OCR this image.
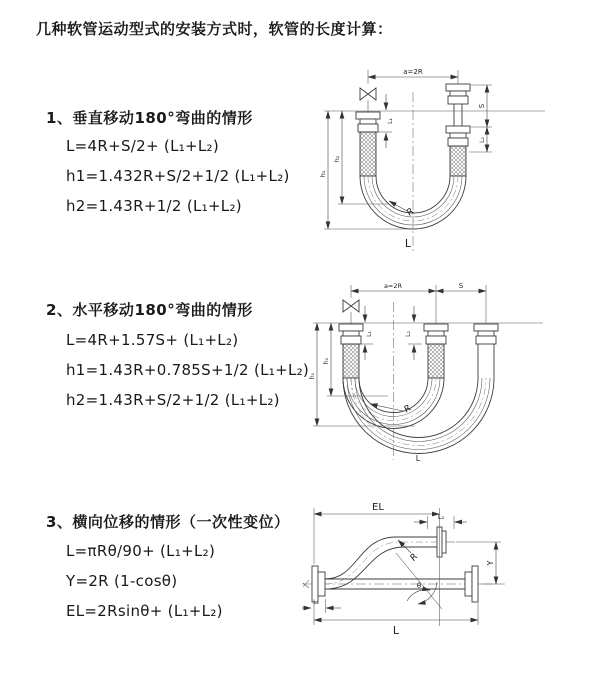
几种软管运动型式的安装方式时，软管的长度计算：
1、垂直移动180°弯曲的情形
L=4R+S/2+ (L₁+L₂)
h1=1.432R+S/2+1/2 (L₁+L₂)
h2=1.43R+1/2 (L₁+L₂)
2、水平移动180°弯曲的情形
L=4R+1.57S+ (L₁+L₂)
h1=1.43R+0.785S+1/2 (L₁+L₂)
h2=1.43R+S/2+1/2 (L₁+L₂)
3、横向位移的情形（一次性变位）
L=πRθ/90+ (L₁+L₂)
Y=2R (1-cosθ)
EL=2Rsinθ+ (L₁+L₂)
a=2R
L₁
S
L₂
h₂
h₁
R
L
a=2R	S
L₁	L₂
h₂
h₁
R
L
EL
L₂
Y
θ
R
L₁
L
